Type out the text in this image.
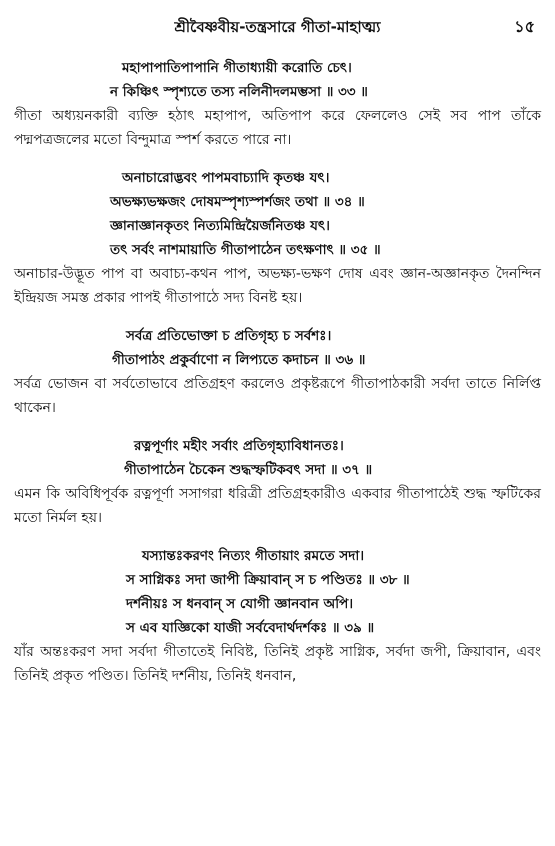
শ্রীবৈষ্ণবীয়-তন্ত্রসারে গীতা-মাহাত্ম্য	১৫
মহাপাপাতিপাপানি গীতাধ্যায়ী করোতি চেৎ।
ন কিঞ্চিৎ স্পৃশ্যতে তস্য নলিনীদলমম্ভসা ॥ ৩৩ ॥

গীতা অধ্যয়নকারী ব্যক্তি হঠাৎ মহাপাপ, অতিপাপ করে ফেললেও সেই সব পাপ তাঁকে পদ্মপত্রজলের মতো বিন্দুমাত্র স্পর্শ করতে পারে না।

অনাচারোদ্ভবং পাপমবাচ্যাদি কৃতঞ্চ যৎ।
অভক্ষ্যভক্ষজং দোষমস্পৃশ্যস্পর্শজং তথা ॥ ৩৪ ॥
জ্ঞানাজ্ঞানকৃতং নিত্যমিন্দ্রিয়ৈর্জনিতঞ্চ যৎ।
তৎ সর্বং নাশমায়াতি গীতাপাঠেন তৎক্ষণাৎ ॥ ৩৫ ॥

অনাচার-উদ্ভূত পাপ বা অবাচ্য-কথন পাপ, অভক্ষ্য-ভক্ষণ দোষ এবং জ্ঞান-অজ্ঞানকৃত দৈনন্দিন ইন্দ্রিয়জ সমস্ত প্রকার পাপই গীতাপাঠে সদ্য বিনষ্ট হয়।

সর্বত্র প্রতিভোক্তা চ প্রতিগৃহ্য চ সর্বশঃ।
গীতাপাঠং প্রকুর্বাণো ন লিপ্যতে কদাচন ॥ ৩৬ ॥

সর্বত্র ভোজন বা সর্বতোভাবে প্রতিগ্রহণ করলেও প্রকৃষ্টরূপে গীতাপাঠকারী সর্বদা তাতে নির্লিপ্ত থাকেন।

রত্নপূর্ণাং মহীং সর্বাং প্রতিগৃহ্যাবিধানতঃ।
গীতাপাঠেন চৈকেন শুদ্ধস্ফটিকবৎ সদা ॥ ৩৭ ॥

এমন কি অবিধিপূর্বক রত্নপূর্ণা সসাগরা ধরিত্রী প্রতিগ্রহকারীও একবার গীতাপাঠেই শুদ্ধ স্ফটিকের মতো নির্মল হয়।

যস্যান্তঃকরণং নিত্যং গীতায়াং রমতে সদা।
স সাগ্নিকঃ সদা জাপী ক্রিয়াবান্ স চ পণ্ডিতঃ ॥ ৩৮ ॥
দর্শনীয়ঃ স ধনবান্ স যোগী জ্ঞানবান অপি।
স এব যাজ্ঞিকো যাজী সর্ববেদার্থদর্শকঃ ॥ ৩৯ ॥

যাঁর অন্তঃকরণ সদা সর্বদা গীতাতেই নিবিষ্ট, তিনিই প্রকৃষ্ট সাগ্নিক, সর্বদা জপী, ক্রিয়াবান, এবং তিনিই প্রকৃত পণ্ডিত। তিনিই দর্শনীয়, তিনিই ধনবান,
